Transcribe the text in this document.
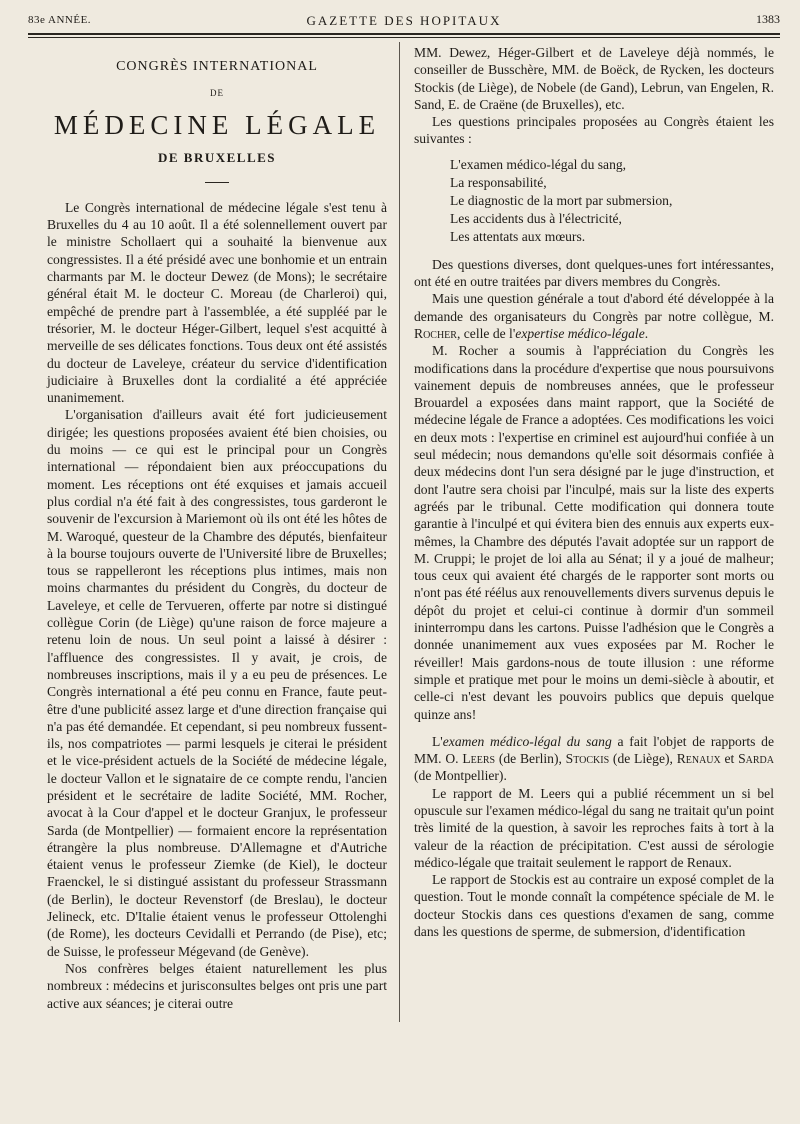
83e ANNÉE.	GAZETTE DES HOPITAUX	1383
CONGRÈS INTERNATIONAL
DE
MÉDECINE LÉGALE
DE BRUXELLES

Le Congrès international de médecine légale s'est tenu à Bruxelles du 4 au 10 août. Il a été solennellement ouvert par le ministre Schollaert qui a souhaité la bienvenue aux congressistes. Il a été présidé avec une bonhomie et un entrain charmants par M. le docteur Dewez (de Mons); le secrétaire général était M. le docteur C. Moreau (de Charleroi) qui, empêché de prendre part à l'assemblée, a été suppléé par le trésorier, M. le docteur Héger-Gilbert, lequel s'est acquitté à merveille de ses délicates fonctions. Tous deux ont été assistés du docteur de Laveleye, créateur du service d'identification judiciaire à Bruxelles dont la cordialité a été appréciée unanimement.

L'organisation d'ailleurs avait été fort judicieusement dirigée; les questions proposées avaient été bien choisies, ou du moins — ce qui est le principal pour un Congrès international — répondaient bien aux préoccupations du moment. Les réceptions ont été exquises et jamais accueil plus cordial n'a été fait à des congressistes, tous garderont le souvenir de l'excursion à Mariemont où ils ont été les hôtes de M. Waroqué, questeur de la Chambre des députés, bienfaiteur à la bourse toujours ouverte de l'Université libre de Bruxelles; tous se rappelleront les réceptions plus intimes, mais non moins charmantes du président du Congrès, du docteur de Laveleye, et celle de Tervueren, offerte par notre si distingué collègue Corin (de Liège) qu'une raison de force majeure a retenu loin de nous. Un seul point a laissé à désirer : l'affluence des congressistes. Il y avait, je crois, de nombreuses inscriptions, mais il y a eu peu de présences. Le Congrès international a été peu connu en France, faute peut-être d'une publicité assez large et d'une direction française qui n'a pas été demandée. Et cependant, si peu nombreux fussent-ils, nos compatriotes — parmi lesquels je citerai le président et le vice-président actuels de la Société de médecine légale, le docteur Vallon et le signataire de ce compte rendu, l'ancien président et le secrétaire de ladite Société, MM. Rocher, avocat à la Cour d'appel et le docteur Granjux, le professeur Sarda (de Montpellier) — formaient encore la représentation étrangère la plus nombreuse. D'Allemagne et d'Autriche étaient venus le professeur Ziemke (de Kiel), le docteur Fraenckel, le si distingué assistant du professeur Strassmann (de Berlin), le docteur Revenstorf (de Breslau), le docteur Jelineck, etc. D'Italie étaient venus le professeur Ottolenghi (de Rome), les docteurs Cevidalli et Perrando (de Pise), etc; de Suisse, le professeur Mégevand (de Genève).

Nos confrères belges étaient naturellement les plus nombreux : médecins et jurisconsultes belges ont pris une part active aux séances; je citerai outre

MM. Dewez, Héger-Gilbert et de Laveleye déjà nommés, le conseiller de Busschère, MM. de Boëck, de Rycken, les docteurs Stockis (de Liège), de Nobele (de Gand), Lebrun, van Engelen, R. Sand, E. de Craëne (de Bruxelles), etc.

Les questions principales proposées au Congrès étaient les suivantes :

L'examen médico-légal du sang,
La responsabilité,
Le diagnostic de la mort par submersion,
Les accidents dus à l'électricité,
Les attentats aux mœurs.

Des questions diverses, dont quelques-unes fort intéressantes, ont été en outre traitées par divers membres du Congrès.

Mais une question générale a tout d'abord été développée à la demande des organisateurs du Congrès par notre collègue, M. Rocher, celle de l'expertise médico-légale.

M. Rocher a soumis à l'appréciation du Congrès les modifications dans la procédure d'expertise que nous poursuivons vainement depuis de nombreuses années, que le professeur Brouardel a exposées dans maint rapport, que la Société de médecine légale de France a adoptées. Ces modifications les voici en deux mots : l'expertise en criminel est aujourd'hui confiée à un seul médecin; nous demandons qu'elle soit désormais confiée à deux médecins dont l'un sera désigné par le juge d'instruction, et dont l'autre sera choisi par l'inculpé, mais sur la liste des experts agréés par le tribunal. Cette modification qui donnera toute garantie à l'inculpé et qui évitera bien des ennuis aux experts eux-mêmes, la Chambre des députés l'avait adoptée sur un rapport de M. Cruppi; le projet de loi alla au Sénat; il y a joué de malheur; tous ceux qui avaient été chargés de le rapporter sont morts ou n'ont pas été réélus aux renouvellements divers survenus depuis le dépôt du projet et celui-ci continue à dormir d'un sommeil ininterrompu dans les cartons. Puisse l'adhésion que le Congrès a donnée unanimement aux vues exposées par M. Rocher le réveiller! Mais gardons-nous de toute illusion : une réforme simple et pratique met pour le moins un demi-siècle à aboutir, et celle-ci n'est devant les pouvoirs publics que depuis quelque quinze ans!

L'examen médico-légal du sang a fait l'objet de rapports de MM. O. Leers (de Berlin), Stockis (de Liège), Renaux et Sarda (de Montpellier).

Le rapport de M. Leers qui a publié récemment un si bel opuscule sur l'examen médico-légal du sang ne traitait qu'un point très limité de la question, à savoir les reproches faits à tort à la valeur de la réaction de précipitation. C'est aussi de sérologie médico-légale que traitait seulement le rapport de Renaux.

Le rapport de Stockis est au contraire un exposé complet de la question. Tout le monde connaît la compétence spéciale de M. le docteur Stockis dans ces questions d'examen de sang, comme dans les questions de sperme, de submersion, d'identification
